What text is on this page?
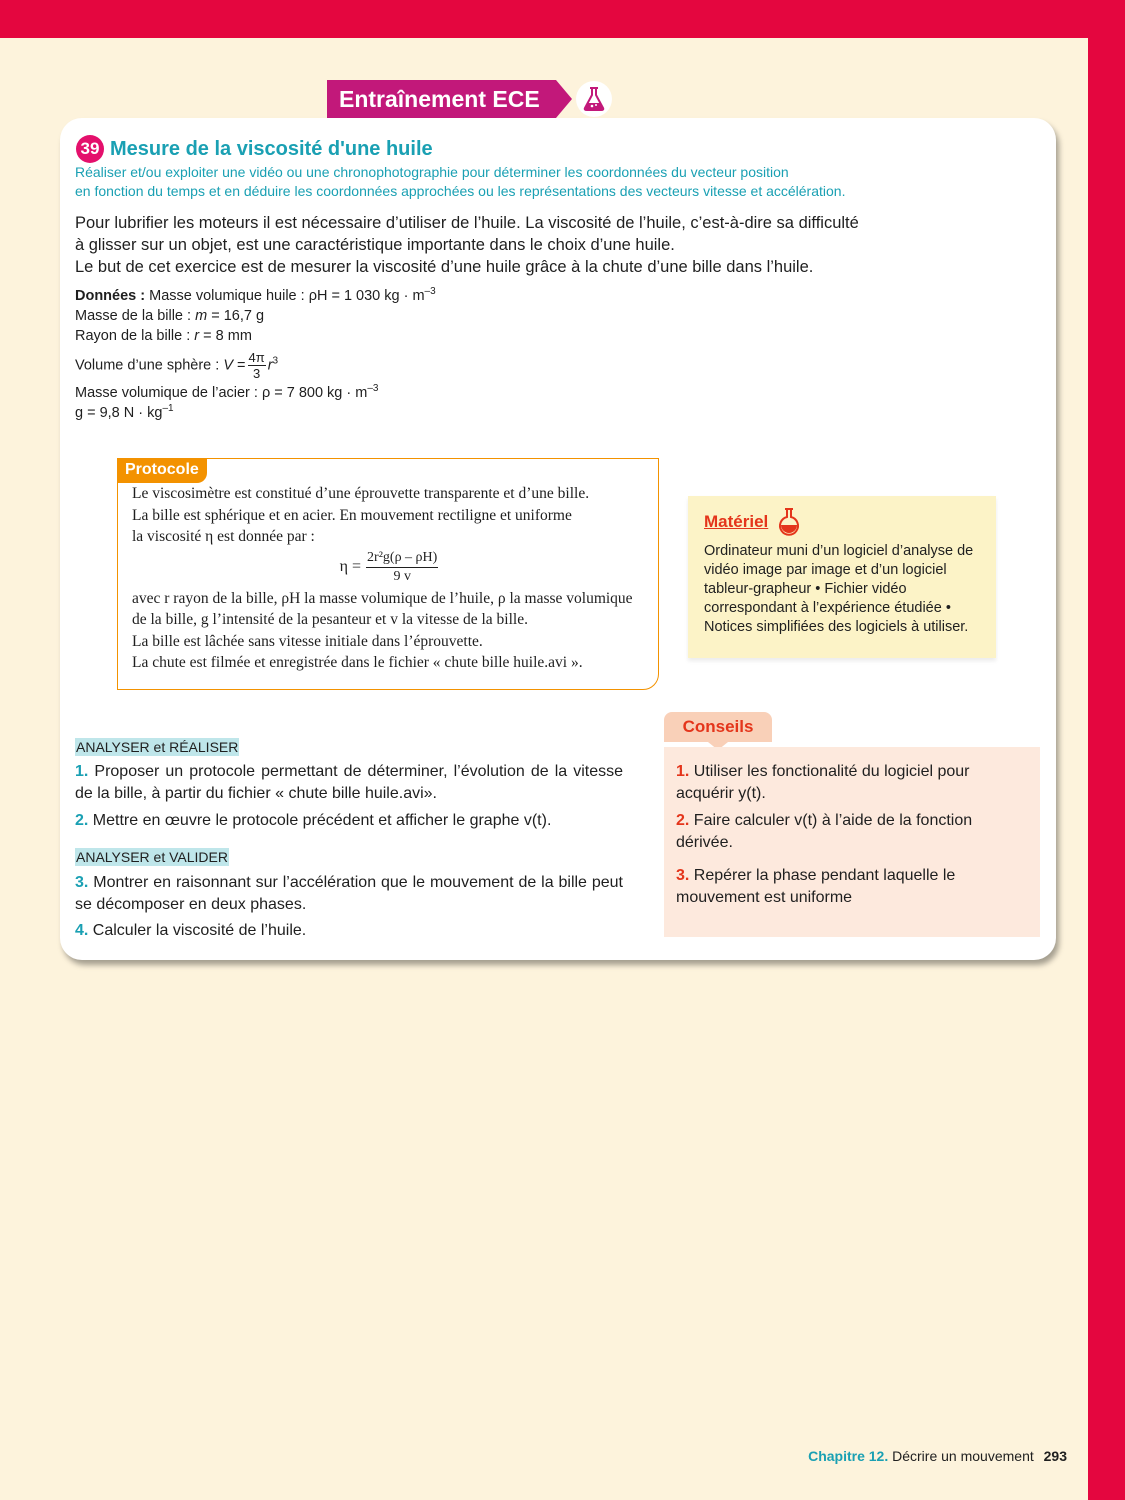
Entraînement ECE
39 Mesure de la viscosité d'une huile
Réaliser et/ou exploiter une vidéo ou une chronophotographie pour déterminer les coordonnées du vecteur position
en fonction du temps et en déduire les coordonnées approchées ou les représentations des vecteurs vitesse et accélération.
Pour lubrifier les moteurs il est nécessaire d’utiliser de l’huile. La viscosité de l’huile, c’est-à-dire sa difficulté
à glisser sur un objet, est une caractéristique importante dans le choix d’une huile.
Le but de cet exercice est de mesurer la viscosité d’une huile grâce à la chute d’une bille dans l’huile.
Données : Masse volumique huile : ρH = 1 030 kg · $m^{-3}$
Masse de la bille : m = 16,7 g
Rayon de la bille : r = 8 mm
Volume d’une sphère : $V = \frac{4\pi}{3} r^3$
Masse volumique de l’acier : ρ = 7 800 kg · $m^{-3}$
g = 9,8 $N \cdot kg^{-1}$
Protocole
Le viscosimètre est constitué d’une éprouvette transparente et d’une bille.
La bille est sphérique et en acier. En mouvement rectiligne et uniforme
la viscosité η est donnée par :
$\eta = \frac{\text{2r²g(ρ – ρH)}}{9 v}$
avec r rayon de la bille, ρH la masse volumique de l’huile, ρ la masse volumique
de la bille, g l’intensité de la pesanteur et v la vitesse de la bille.
La bille est lâchée sans vitesse initiale dans l’éprouvette.
La chute est filmée et enregistrée dans le fichier « chute bille huile.avi ».
Matériel
Ordinateur muni d’un logiciel d’analyse de vidéo image par image et d’un logiciel tableur-grapheur • Fichier vidéo correspondant à l’expérience étudiée • Notices simplifiées des logiciels à utiliser.
ANALYSER et RÉALISER
1. Proposer un protocole permettant de déterminer, l’évolution de la vitesse de la bille, à partir du fichier « chute bille huile.avi».
2. Mettre en œuvre le protocole précédent et afficher le graphe v(t).
ANALYSER et VALIDER
3. Montrer en raisonnant sur l’accélération que le mouvement de la bille peut se décomposer en deux phases.
4. Calculer la viscosité de l’huile.
Conseils

1. Utiliser les fonctionalité du logiciel pour acquérir y(t).

2. Faire calculer v(t) à l’aide de la fonction dérivée.

3. Repérer la phase pendant laquelle le mouvement est uniforme

Chapitre 12. Décrire un mouvement 293
